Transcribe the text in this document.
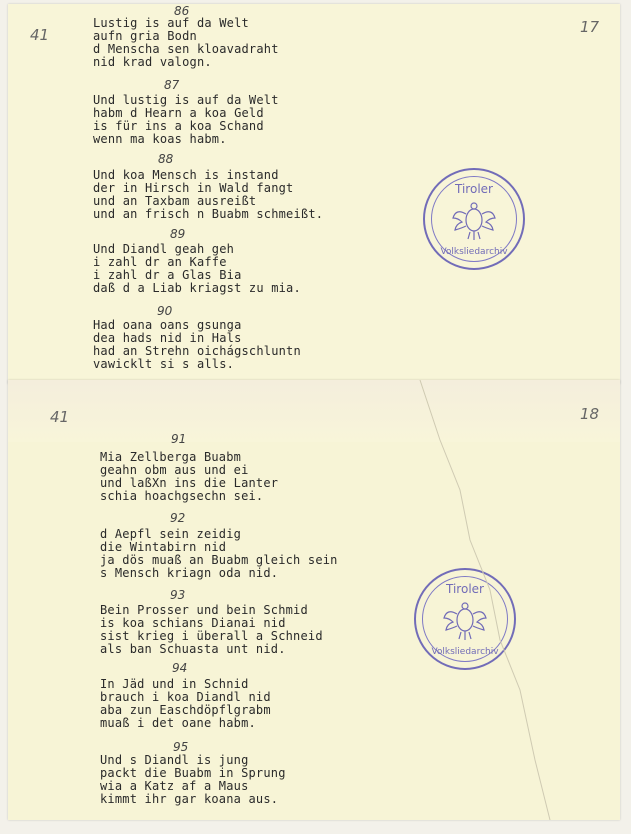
41	17
41	18
86
Lustig is auf da Welt
aufn gria Bodn
d Menscha sen kloavadraht
nid krad valogn.
87
Und lustig is auf da Welt
habm d Hearn a koa Geld
is für ins a koa Schand
wenn ma koas habm.
88
Und koa Mensch is instand
der in Hirsch in Wald fangt
und an Taxbam ausreißt
und an frisch n Buabm schmeißt.
89
Und Diandl geah geh
i zahl dr an Kaffe
i zahl dr a Glas Bia
daß d a Liab kriagst zu mia.
90
Had oana oans gsunga
dea hads nid in Hals
had an Strehn oichágschluntn
vawicklt si s alls.
91
Mia Zellberga Buabm
geahn obm aus und ei
und laßXn ins die Lanter
schia hoachgsechn sei.
92
d Aepfl sein zeidig
die Wintabirn nid
ja dös muaß an Buabm gleich sein
s Mensch kriagn oda nid.
93
Bein Prosser und bein Schmid
is koa schians Dianai nid
sist krieg i überall a Schneid
als ban Schuasta unt nid.
94
In Jäd und in Schnid
brauch i koa Diandl nid
aba zun Easchdöpflgrabm
muaß i det oane habm.
95
Und s Diandl is jung
packt die Buabm in Sprung
wia a Katz af a Maus
kimmt ihr gar koana aus.
Tiroler
Volksliedarchiv
Tiroler
Volksliedarchiv
